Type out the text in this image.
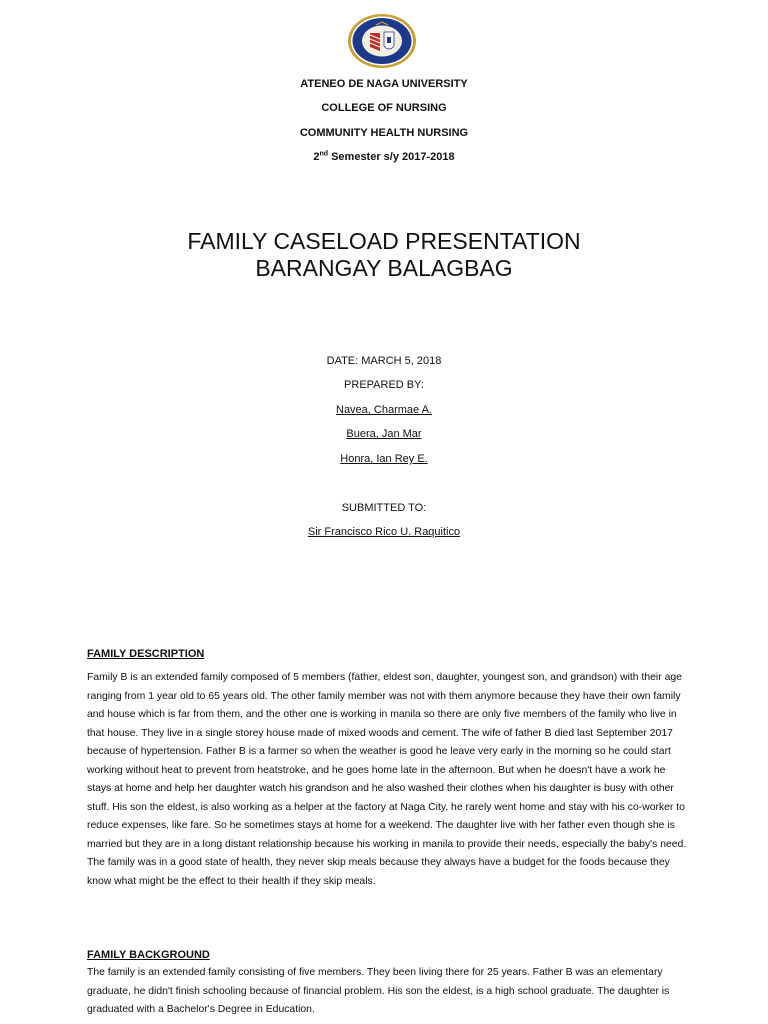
ATENEO DE NAGA UNIVERSITY
COLLEGE OF NURSING
COMMUNITY HEALTH NURSING
2nd Semester s/y 2017-2018
FAMILY CASELOAD PRESENTATION
BARANGAY BALAGBAG
DATE: MARCH 5, 2018
PREPARED BY:
Navea, Charmae A.
Buera, Jan Mar
Honra, Ian Rey E.
SUBMITTED TO:
Sir Francisco Rico U. Raquitico
FAMILY DESCRIPTION

Family B is an extended family composed of 5 members (father, eldest son, daughter, youngest son, and grandson) with their age ranging from 1 year old to 65 years old. The other family member was not with them anymore because they have their own family and house which is far from them, and the other one is working in manila so there are only five members of the family who live in that house. They live in a single storey house made of mixed woods and cement. The wife of father B died last September 2017 because of hypertension. Father B is a farmer so when the weather is good he leave very early in the morning so he could start working without heat to prevent from heatstroke, and he goes home late in the afternoon. But when he doesn't have a work he stays at home and help her daughter watch his grandson and he also washed their clothes when his daughter is busy with other stuff. His son the eldest, is also working as a helper at the factory at Naga City, he rarely went home and stay with his co-worker to reduce expenses, like fare. So he sometimes stays at home for a weekend. The daughter live with her father even though she is married but they are in a long distant relationship because his working in manila to provide their needs, especially the baby's need.

The family was in a good state of health, they never skip meals because they always have a budget for the foods because they know what might be the effect to their health if they skip meals.

FAMILY BACKGROUND

The family is an extended family consisting of five members. They been living there for 25 years. Father B was an elementary graduate, he didn't finish schooling because of financial problem. His son the eldest, is a high school graduate. The daughter is graduated with a Bachelor's Degree in Education.
